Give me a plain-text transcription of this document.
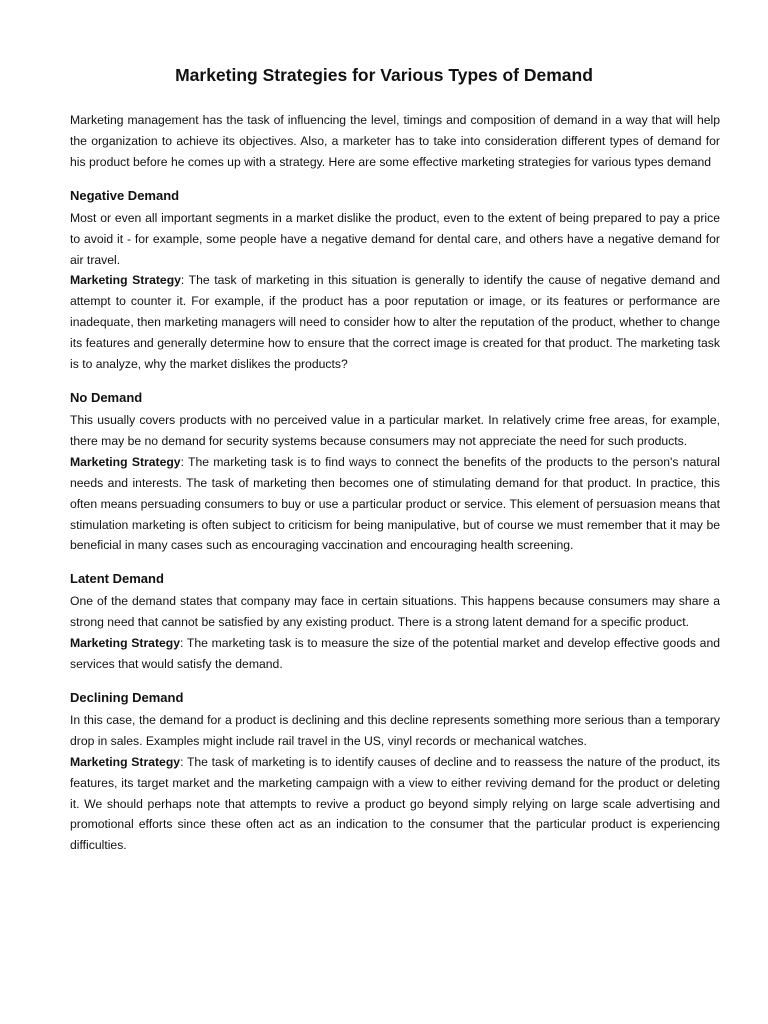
Marketing Strategies for Various Types of Demand

Marketing management has the task of influencing the level, timings and composition of demand in a way that will help the organization to achieve its objectives. Also, a marketer has to take into consideration different types of demand for his product before he comes up with a strategy. Here are some effective marketing strategies for various types demand

Negative Demand

Most or even all important segments in a market dislike the product, even to the extent of being prepared to pay a price to avoid it - for example, some people have a negative demand for dental care, and others have a negative demand for air travel.

Marketing Strategy: The task of marketing in this situation is generally to identify the cause of negative demand and attempt to counter it. For example, if the product has a poor reputation or image, or its features or performance are inadequate, then marketing managers will need to consider how to alter the reputation of the product, whether to change its features and generally determine how to ensure that the correct image is created for that product. The marketing task is to analyze, why the market dislikes the products?

No Demand

This usually covers products with no perceived value in a particular market. In relatively crime free areas, for example, there may be no demand for security systems because consumers may not appreciate the need for such products.

Marketing Strategy: The marketing task is to find ways to connect the benefits of the products to the person's natural needs and interests. The task of marketing then becomes one of stimulating demand for that product. In practice, this often means persuading consumers to buy or use a particular product or service. This element of persuasion means that stimulation marketing is often subject to criticism for being manipulative, but of course we must remember that it may be beneficial in many cases such as encouraging vaccination and encouraging health screening.

Latent Demand

One of the demand states that company may face in certain situations. This happens because consumers may share a strong need that cannot be satisfied by any existing product. There is a strong latent demand for a specific product.

Marketing Strategy: The marketing task is to measure the size of the potential market and develop effective goods and services that would satisfy the demand.

Declining Demand

In this case, the demand for a product is declining and this decline represents something more serious than a temporary drop in sales. Examples might include rail travel in the US, vinyl records or mechanical watches.

Marketing Strategy: The task of marketing is to identify causes of decline and to reassess the nature of the product, its features, its target market and the marketing campaign with a view to either reviving demand for the product or deleting it. We should perhaps note that attempts to revive a product go beyond simply relying on large scale advertising and promotional efforts since these often act as an indication to the consumer that the particular product is experiencing difficulties.
